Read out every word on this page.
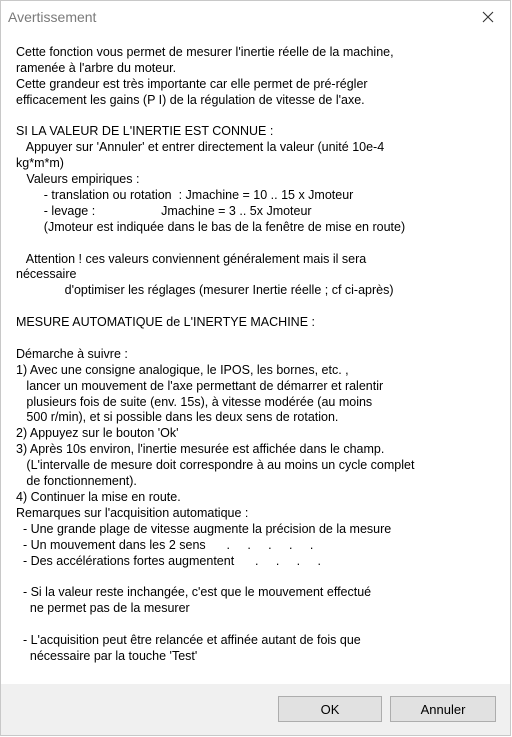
Avertissement
Cette fonction vous permet de mesurer l'inertie réelle de la machine,
ramenée à l'arbre du moteur.
Cette grandeur est très importante car elle permet de pré-régler
efficacement les gains (P I) de la régulation de vitesse de l'axe.
SI LA VALEUR DE L'INERTIE EST CONNUE :
Appuyer sur 'Annuler' et entrer directement la valeur (unité 10e-4
kg*m*m)
Valeurs empiriques :
- translation ou rotation  : Jmachine = 10 .. 15 x Jmoteur
- levage :                   Jmachine = 3 .. 5x Jmoteur
(Jmoteur est indiquée dans le bas de la fenêtre de mise en route)
Attention ! ces valeurs conviennent généralement mais il sera
nécessaire
d'optimiser les réglages (mesurer Inertie réelle ; cf ci-après)
MESURE AUTOMATIQUE de L'INERTYE MACHINE :
Démarche à suivre :
1) Avec une consigne analogique, le IPOS, les bornes, etc. ,
lancer un mouvement de l'axe permettant de démarrer et ralentir
plusieurs fois de suite (env. 15s), à vitesse modérée (au moins
500 r/min), et si possible dans les deux sens de rotation.
2) Appuyez sur le bouton 'Ok'
3) Après 10s environ, l'inertie mesurée est affichée dans le champ.
(L'intervalle de mesure doit correspondre à au moins un cycle complet
de fonctionnement).
4) Continuer la mise en route.
Remarques sur l'acquisition automatique :
- Une grande plage de vitesse augmente la précision de la mesure
- Un mouvement dans les 2 sens      .     .     .     .     .
- Des accélérations fortes augmentent      .     .     .     .
- Si la valeur reste inchangée, c'est que le mouvement effectué
ne permet pas de la mesurer
- L'acquisition peut être relancée et affinée autant de fois que
nécessaire par la touche 'Test'
OK	Annuler
